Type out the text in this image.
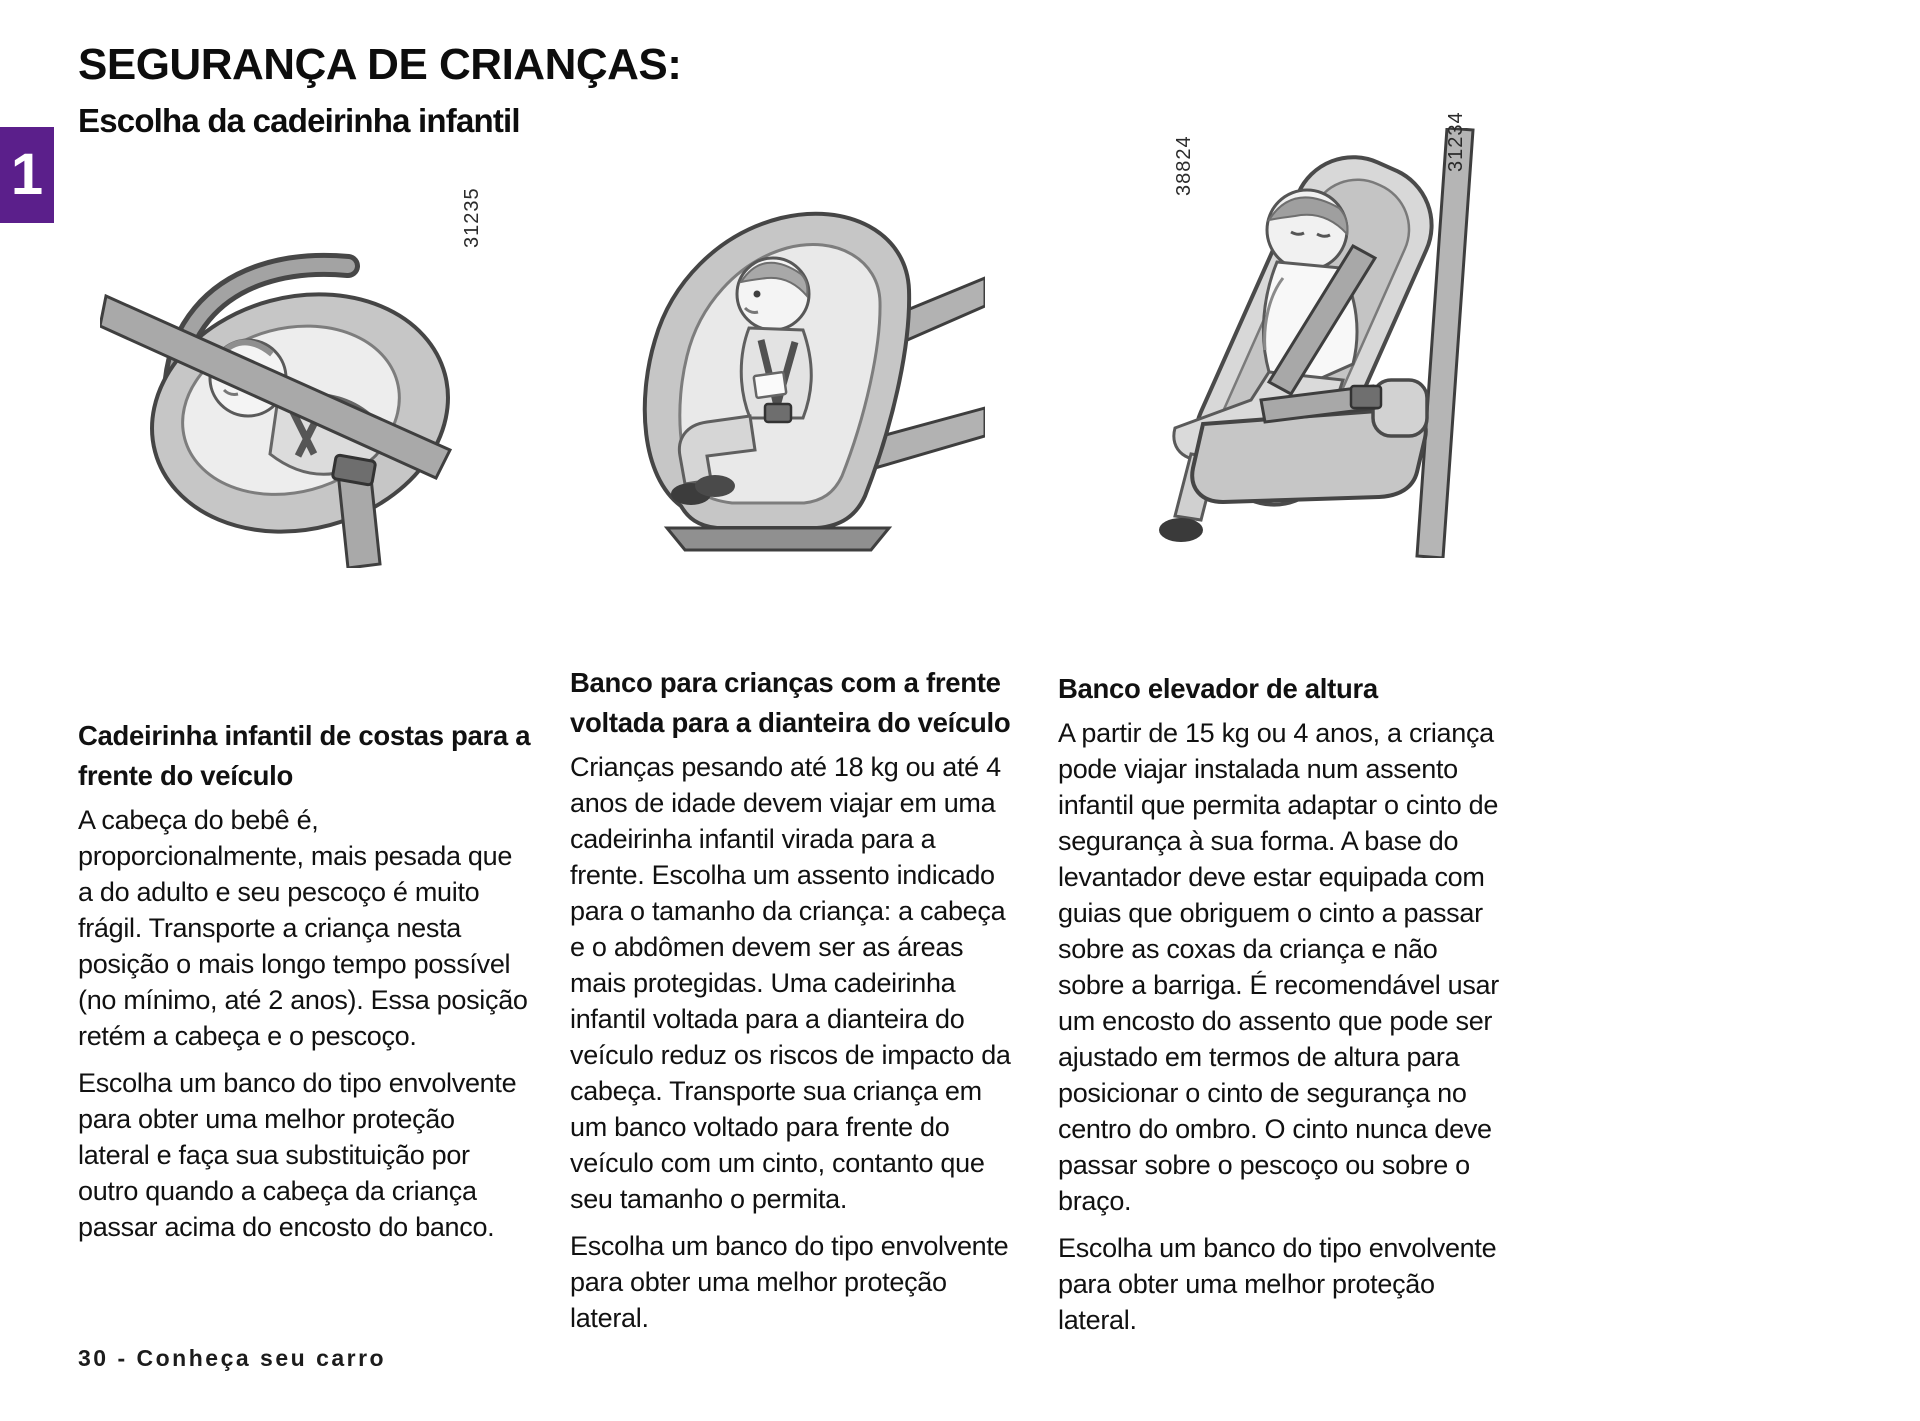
1
SEGURANÇA DE CRIANÇAS:
Escolha da cadeirinha infantil
31235
38824	31234
Cadeirinha infantil de costas para a frente do veículo

A cabeça do bebê é, proporcionalmente, mais pesada que a do adulto e seu pescoço é muito frágil. Transporte a criança nesta posição o mais longo tempo possível (no mínimo, até 2 anos). Essa posição retém a cabeça e o pescoço.

Escolha um banco do tipo envolvente para obter uma melhor proteção lateral e faça sua substituição por outro quando a cabeça da criança passar acima do encosto do banco.

Banco para crianças com a frente voltada para a dianteira do veículo

Crianças pesando até 18 kg ou até 4 anos de idade devem viajar em uma cadeirinha infantil virada para a frente. Escolha um assento indicado para o tamanho da criança: a cabeça e o abdômen devem ser as áreas mais protegidas. Uma cadeirinha infantil voltada para a dianteira do veículo reduz os riscos de impacto da cabeça. Transporte sua criança em um banco voltado para frente do veículo com um cinto, contanto que seu tamanho o permita.

Escolha um banco do tipo envolvente para obter uma melhor proteção lateral.

Banco elevador de altura

A partir de 15 kg ou 4 anos, a criança pode viajar instalada num assento infantil que permita adaptar o cinto de segurança à sua forma. A base do levantador deve estar equipada com guias que obriguem o cinto a passar sobre as coxas da criança e não sobre a barriga. É recomendável usar um encosto do assento que pode ser ajustado em termos de altura para posicionar o cinto de segurança no centro do ombro. O cinto nunca deve passar sobre o pescoço ou sobre o braço.

Escolha um banco do tipo envolvente para obter uma melhor proteção lateral.

30 - Conheça seu carro
